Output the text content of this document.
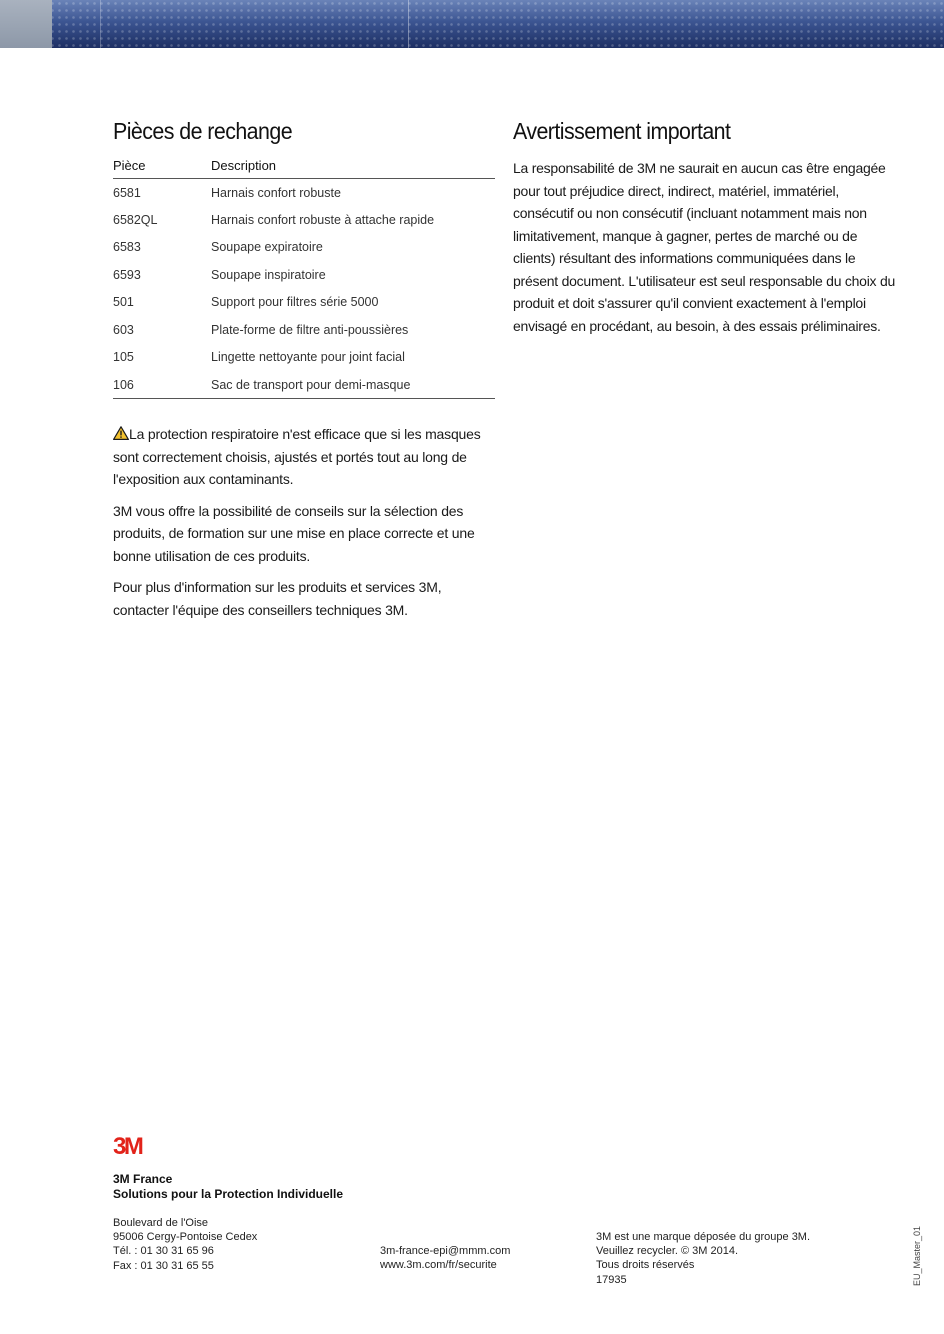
Pièces de rechange
Pièce	Description
6581	Harnais confort robuste
6582QL	Harnais confort robuste à attache rapide
6583	Soupape expiratoire
6593	Soupape inspiratoire
501	Support pour filtres série 5000
603	Plate-forme de filtre anti-poussières
105	Lingette nettoyante pour joint facial
106	Sac de transport pour demi-masque

La protection respiratoire n'est efficace que si les masques sont correctement choisis, ajustés et portés tout au long de l'exposition aux contaminants.

3M vous offre la possibilité de conseils sur la sélection des produits, de formation sur une mise en place correcte et une bonne utilisation de ces produits.

Pour plus d'information sur les produits et services 3M, contacter l'équipe des conseillers techniques 3M.

Avertissement important

La responsabilité de 3M ne saurait en aucun cas être engagée pour tout préjudice direct, indirect, matériel, immatériel, consécutif ou non consécutif (incluant notamment mais non limitativement, manque à gagner, pertes de marché ou de clients) résultant des informations communiquées dans le présent document. L'utilisateur est seul responsable du choix du produit et doit s'assurer qu'il convient exactement à l'emploi envisagé en procédant, au besoin, à des essais préliminaires.

3M
3M France
Solutions pour la Protection Individuelle
Boulevard de l'Oise
95006 Cergy-Pontoise Cedex
Tél. : 01 30 31 65 96
Fax : 01 30 31 65 55
3m-france-epi@mmm.com
www.3m.com/fr/securite
3M est une marque déposée du groupe 3M.
Veuillez recycler. © 3M 2014.
Tous droits réservés
17935	EU_Master_01
